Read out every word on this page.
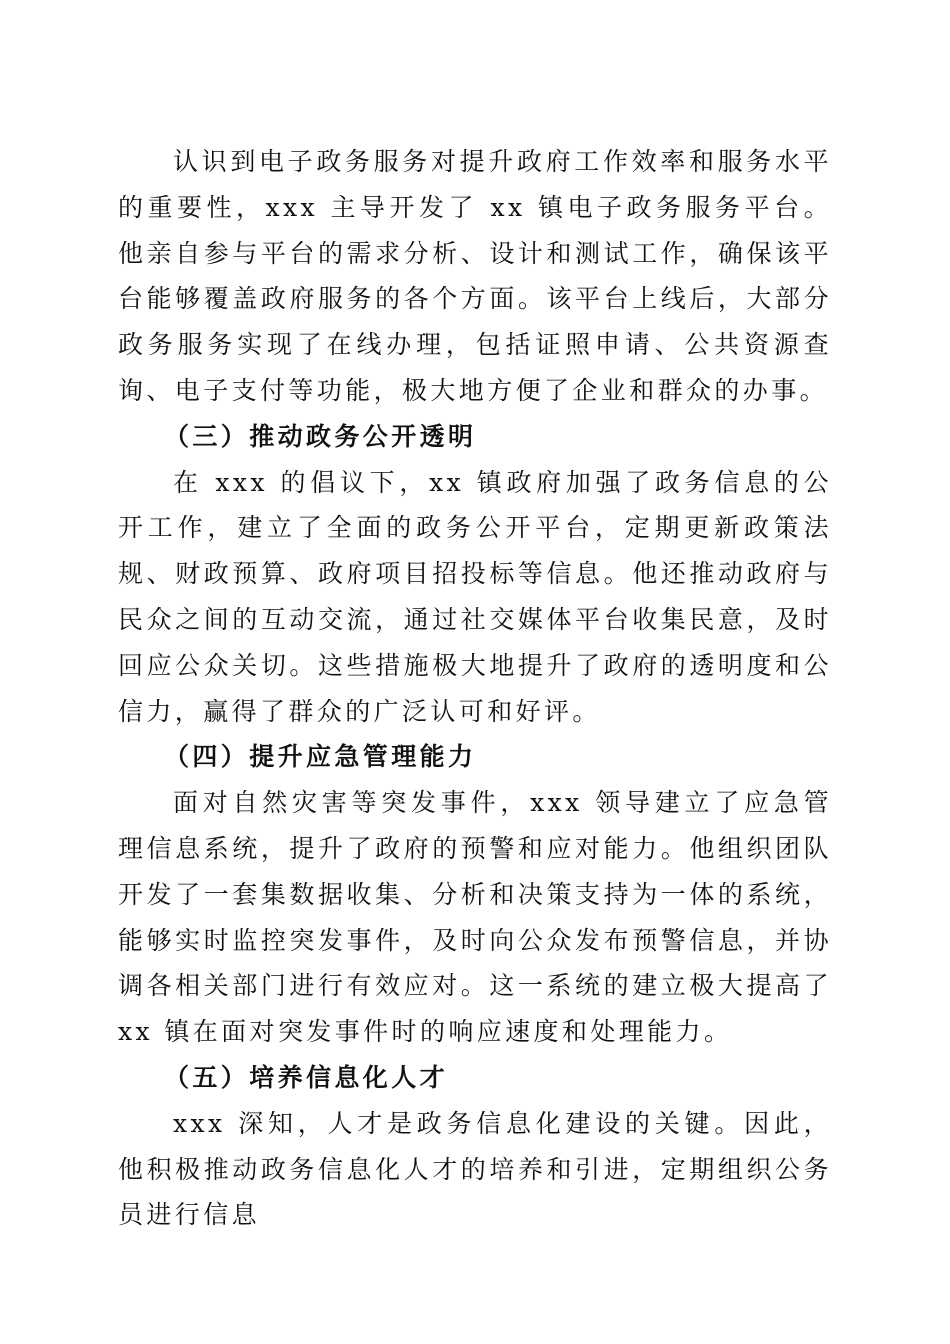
认识到电子政务服务对提升政府工作效率和服务水平的重要性，xxx 主导开发了 xx 镇电子政务服务平台。他亲自参与平台的需求分析、设计和测试工作，确保该平台能够覆盖政府服务的各个方面。该平台上线后，大部分政务服务实现了在线办理，包括证照申请、公共资源查询、电子支付等功能，极大地方便了企业和群众的办事。

（三）推动政务公开透明

在 xxx 的倡议下，xx 镇政府加强了政务信息的公开工作，建立了全面的政务公开平台，定期更新政策法规、财政预算、政府项目招投标等信息。他还推动政府与民众之间的互动交流，通过社交媒体平台收集民意，及时回应公众关切。这些措施极大地提升了政府的透明度和公信力，赢得了群众的广泛认可和好评。

（四）提升应急管理能力

面对自然灾害等突发事件，xxx 领导建立了应急管理信息系统，提升了政府的预警和应对能力。他组织团队开发了一套集数据收集、分析和决策支持为一体的系统，能够实时监控突发事件，及时向公众发布预警信息，并协调各相关部门进行有效应对。这一系统的建立极大提高了 xx 镇在面对突发事件时的响应速度和处理能力。

（五）培养信息化人才

xxx 深知，人才是政务信息化建设的关键。因此，他积极推动政务信息化人才的培养和引进，定期组织公务员进行信息
